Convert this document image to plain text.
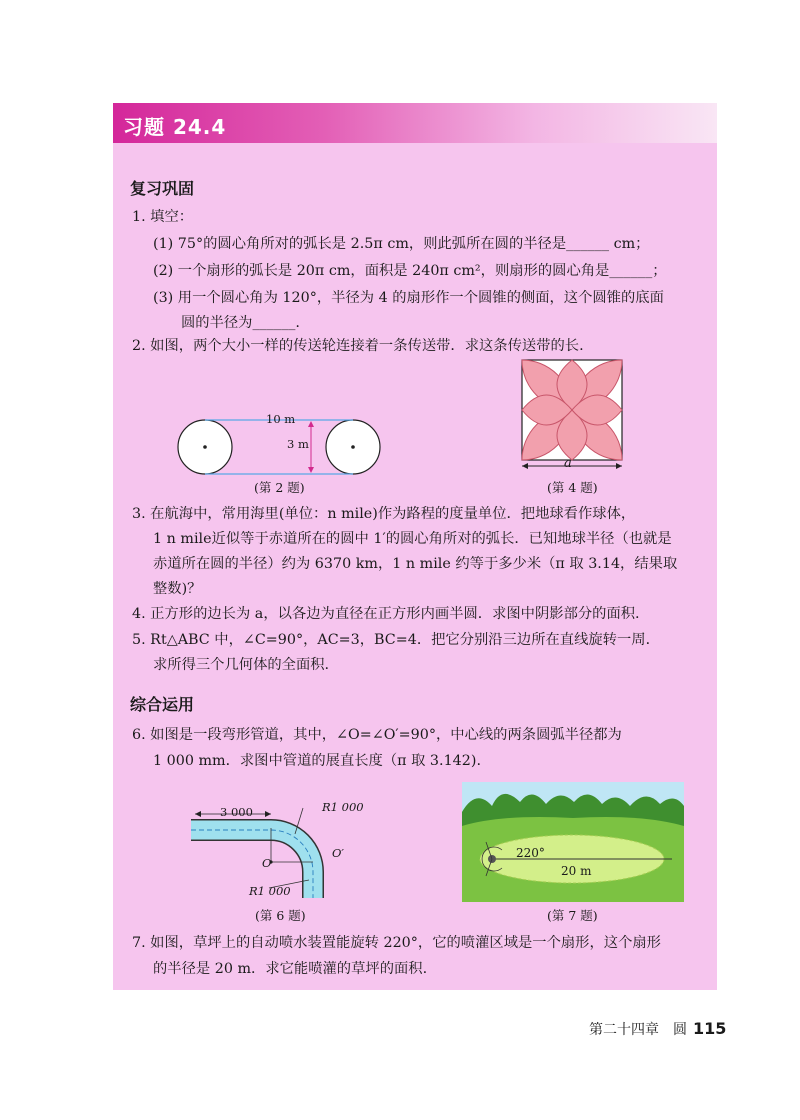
习题 24.4
复习巩固
1. 填空：
(1) 75°的圆心角所对的弧长是 2.5π cm，则此弧所在圆的半径是______ cm；
(2) 一个扇形的弧长是 20π cm，面积是 240π cm²，则扇形的圆心角是______；
(3) 用一个圆心角为 120°，半径为 4 的扇形作一个圆锥的侧面，这个圆锥的底面
圆的半径为______.
2. 如图，两个大小一样的传送轮连接着一条传送带．求这条传送带的长.
10 m
3 m
(第 2 题)
a
(第 4 题)
3. 在航海中，常用海里(单位：n mile)作为路程的度量单位．把地球看作球体，
1 n mile近似等于赤道所在的圆中 1′的圆心角所对的弧长．已知地球半径（也就是
赤道所在圆的半径）约为 6370 km，1 n mile 约等于多少米（π 取 3.14，结果取
整数)？
4. 正方形的边长为 a，以各边为直径在正方形内画半圆．求图中阴影部分的面积.
5. Rt△ABC 中，∠C=90°，AC=3，BC=4．把它分别沿三边所在直线旋转一周．
求所得三个几何体的全面积.
综合运用
6. 如图是一段弯形管道，其中，∠O=∠O′=90°，中心线的两条圆弧半径都为
1 000 mm．求图中管道的展直长度（π 取 3.142).
3 000	R1 000
O
O′
R1 000
(第 6 题)
220°
20 m
(第 7 题)
7. 如图，草坪上的自动喷水装置能旋转 220°，它的喷灌区域是一个扇形，这个扇形
的半径是 20 m．求它能喷灌的草坪的面积.
第二十四章　圆 115
